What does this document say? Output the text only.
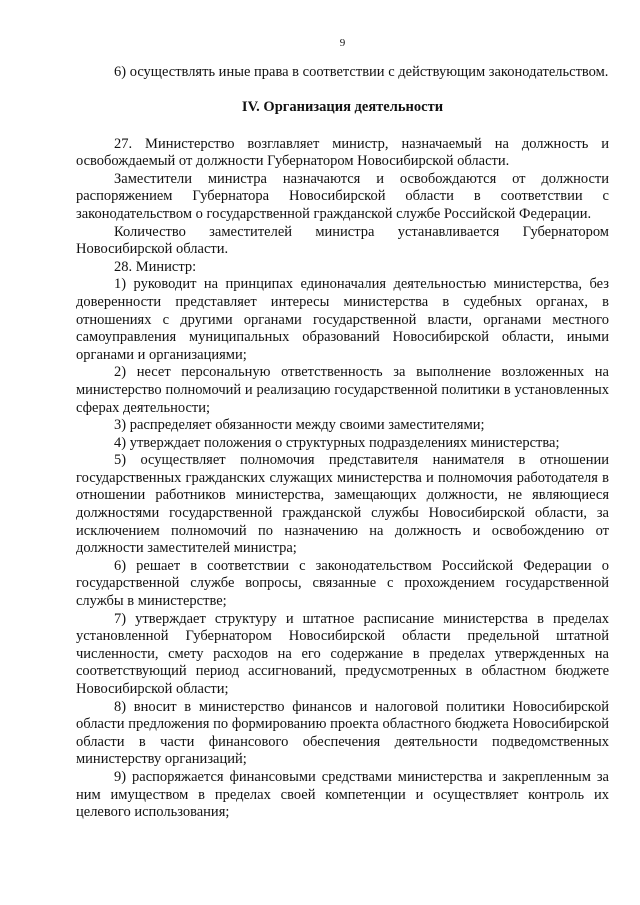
9

6) осуществлять иные права в соответствии с действующим законодательством.

IV. Организация деятельности

27. Министерство возглавляет министр, назначаемый на должность и освобождаемый от должности Губернатором Новосибирской области.

Заместители министра назначаются и освобождаются от должности распоряжением Губернатора Новосибирской области в соответствии с законодательством о государственной гражданской службе Российской Федерации.

Количество заместителей министра устанавливается Губернатором Новосибирской области.

28. Министр:

1) руководит на принципах единоначалия деятельностью министерства, без доверенности представляет интересы министерства в судебных органах, в отношениях с другими органами государственной власти, органами местного самоуправления муниципальных образований Новосибирской области, иными органами и организациями;

2) несет персональную ответственность за выполнение возложенных на министерство полномочий и реализацию государственной политики в установленных сферах деятельности;

3) распределяет обязанности между своими заместителями;

4) утверждает положения о структурных подразделениях министерства;

5) осуществляет полномочия представителя нанимателя в отношении государственных гражданских служащих министерства и полномочия работодателя в отношении работников министерства, замещающих должности, не являющиеся должностями государственной гражданской службы Новосибирской области, за исключением полномочий по назначению на должность и освобождению от должности заместителей министра;

6) решает в соответствии с законодательством Российской Федерации о государственной службе вопросы, связанные с прохождением государственной службы в министерстве;

7) утверждает структуру и штатное расписание министерства в пределах установленной Губернатором Новосибирской области предельной штатной численности, смету расходов на его содержание в пределах утвержденных на соответствующий период ассигнований, предусмотренных в областном бюджете Новосибирской области;

8) вносит в министерство финансов и налоговой политики Новосибирской области предложения по формированию проекта областного бюджета Новосибирской области в части финансового обеспечения деятельности подведомственных министерству организаций;

9) распоряжается финансовыми средствами министерства и закрепленным за ним имуществом в пределах своей компетенции и осуществляет контроль их целевого использования;
